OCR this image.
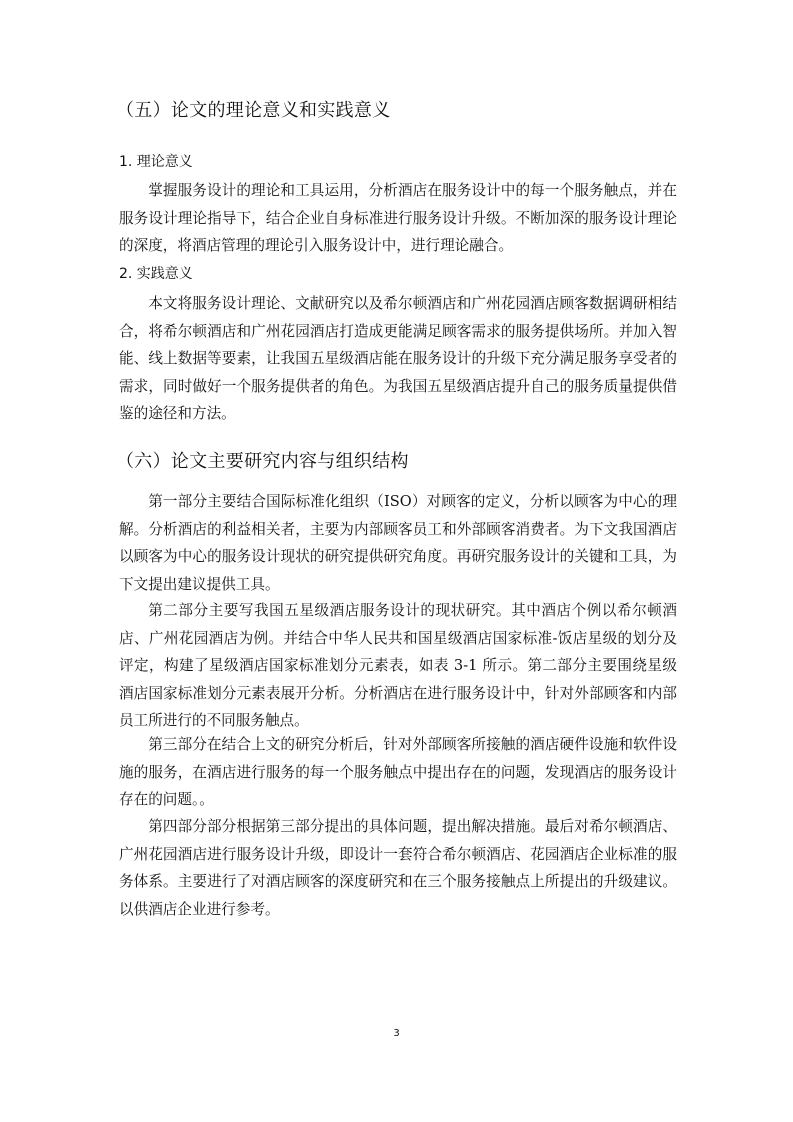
（五）论文的理论意义和实践意义
1. 理论意义

掌握服务设计的理论和工具运用，分析酒店在服务设计中的每一个服务触点，并在服务设计理论指导下，结合企业自身标准进行服务设计升级。不断加深的服务设计理论的深度，将酒店管理的理论引入服务设计中，进行理论融合。

2. 实践意义

本文将服务设计理论、文献研究以及希尔顿酒店和广州花园酒店顾客数据调研相结合，将希尔顿酒店和广州花园酒店打造成更能满足顾客需求的服务提供场所。并加入智能、线上数据等要素，让我国五星级酒店能在服务设计的升级下充分满足服务享受者的需求，同时做好一个服务提供者的角色。为我国五星级酒店提升自己的服务质量提供借鉴的途径和方法。

（六）论文主要研究内容与组织结构

第一部分主要结合国际标准化组织（ISO）对顾客的定义，分析以顾客为中心的理解。分析酒店的利益相关者，主要为内部顾客员工和外部顾客消费者。为下文我国酒店以顾客为中心的服务设计现状的研究提供研究角度。再研究服务设计的关键和工具，为下文提出建议提供工具。

第二部分主要写我国五星级酒店服务设计的现状研究。其中酒店个例以希尔顿酒店、广州花园酒店为例。并结合中华人民共和国星级酒店国家标准-饭店星级的划分及评定，构建了星级酒店国家标准划分元素表，如表 3-1 所示。第二部分主要围绕星级酒店国家标准划分元素表展开分析。分析酒店在进行服务设计中，针对外部顾客和内部员工所进行的不同服务触点。

第三部分在结合上文的研究分析后，针对外部顾客所接触的酒店硬件设施和软件设施的服务，在酒店进行服务的每一个服务触点中提出存在的问题，发现酒店的服务设计存在的问题。。

第四部分部分根据第三部分提出的具体问题，提出解决措施。最后对希尔顿酒店、广州花园酒店进行服务设计升级，即设计一套符合希尔顿酒店、花园酒店企业标准的服务体系。主要进行了对酒店顾客的深度研究和在三个服务接触点上所提出的升级建议。以供酒店企业进行参考。

3
